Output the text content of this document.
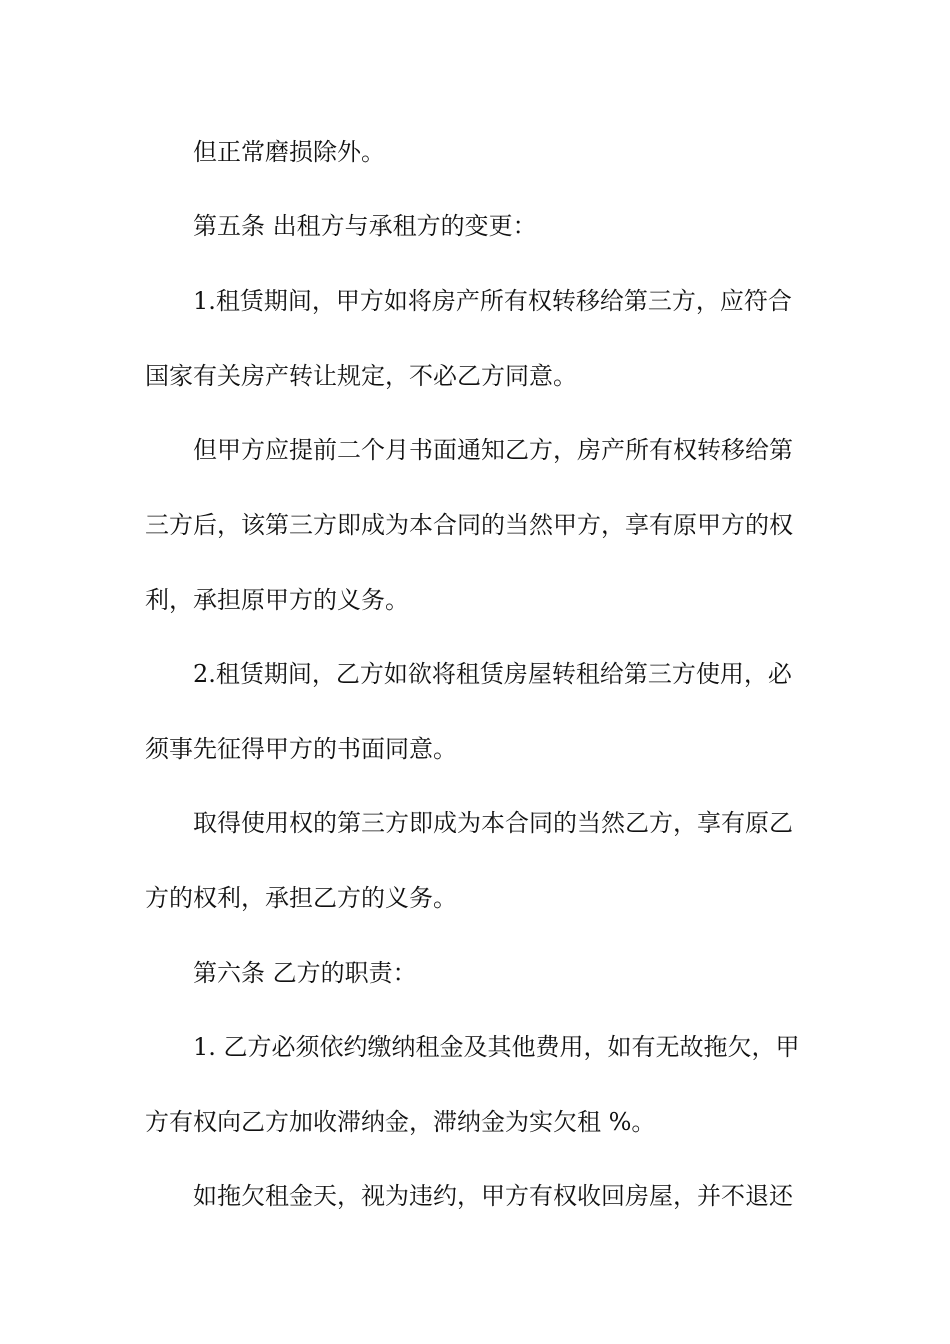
但正常磨损除外。
第五条 出租方与承租方的变更：
1.租赁期间，甲方如将房产所有权转移给第三方，应符合
国家有关房产转让规定，不必乙方同意。
但甲方应提前二个月书面通知乙方，房产所有权转移给第
三方后，该第三方即成为本合同的当然甲方，享有原甲方的权
利，承担原甲方的义务。
2.租赁期间，乙方如欲将租赁房屋转租给第三方使用，必
须事先征得甲方的书面同意。
取得使用权的第三方即成为本合同的当然乙方，享有原乙
方的权利，承担乙方的义务。
第六条 乙方的职责：
1. 乙方必须依约缴纳租金及其他费用，如有无故拖欠，甲
方有权向乙方加收滞纳金，滞纳金为实欠租 %。
如拖欠租金天，视为违约，甲方有权收回房屋，并不退还
